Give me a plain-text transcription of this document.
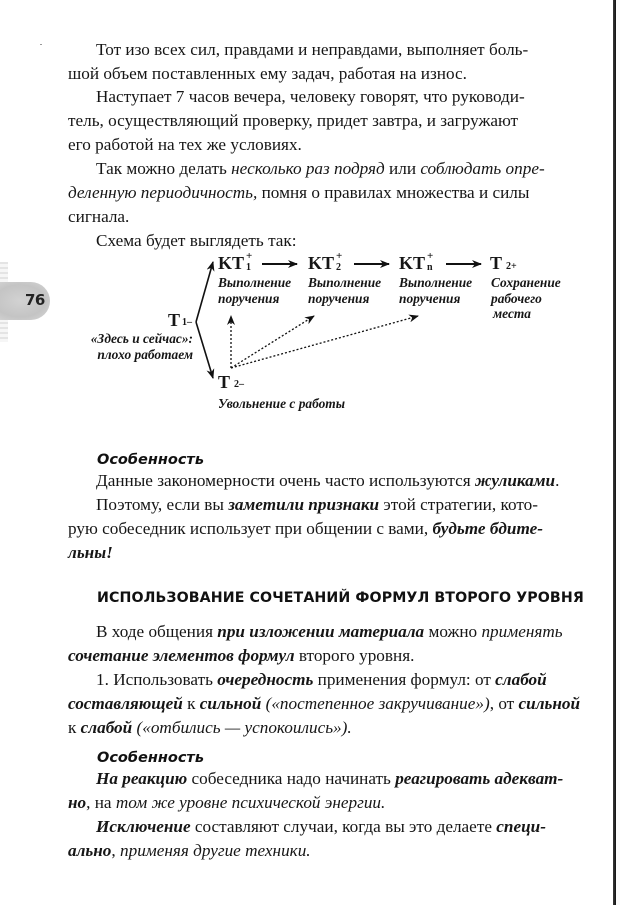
76

Тот изо всех сил, правдами и неправдами, выполняет боль-
шой объем поставленных ему задач, работая на износ.

Наступает 7 часов вечера, человеку говорят, что руководи-
тель, осуществляющий проверку, придет завтра, и загружают
его работой на тех же условиях.

Так можно делать несколько раз подряд или соблюдать опре-
деленную периодичность, помня о правилах множества и силы
сигнала.

Схема будет выглядеть так:

T 1–
«Здесь и сейчас»:
плохо работаем
KT +
1
Выполнение
поручения
KT +
2
Выполнение
поручения
KT +
n
Выполнение
поручения
T 2+
Сохранение
рабочего
места
T 2–
Увольнение с работы
Особенность

Данные закономерности очень часто используются жуликами.
Поэтому, если вы заметили признаки этой стратегии, кото-
рую собеседник использует при общении с вами, будьте бдите-
льны!

ИСПОЛЬЗОВАНИЕ СОЧЕТАНИЙ ФОРМУЛ ВТОРОГО УРОВНЯ

В ходе общения при изложении материала можно применять
сочетание элементов формул второго уровня.

1. Использовать очередность применения формул: от слабой
составляющей к сильной («постепенное закручивание»), от сильной
к слабой («отбились — успокоились»).

Особенность

На реакцию собеседника надо начинать реагировать адекват-
но, на том же уровне психической энергии.
Исключение составляют случаи, когда вы это делаете специ-
ально, применяя другие техники.
